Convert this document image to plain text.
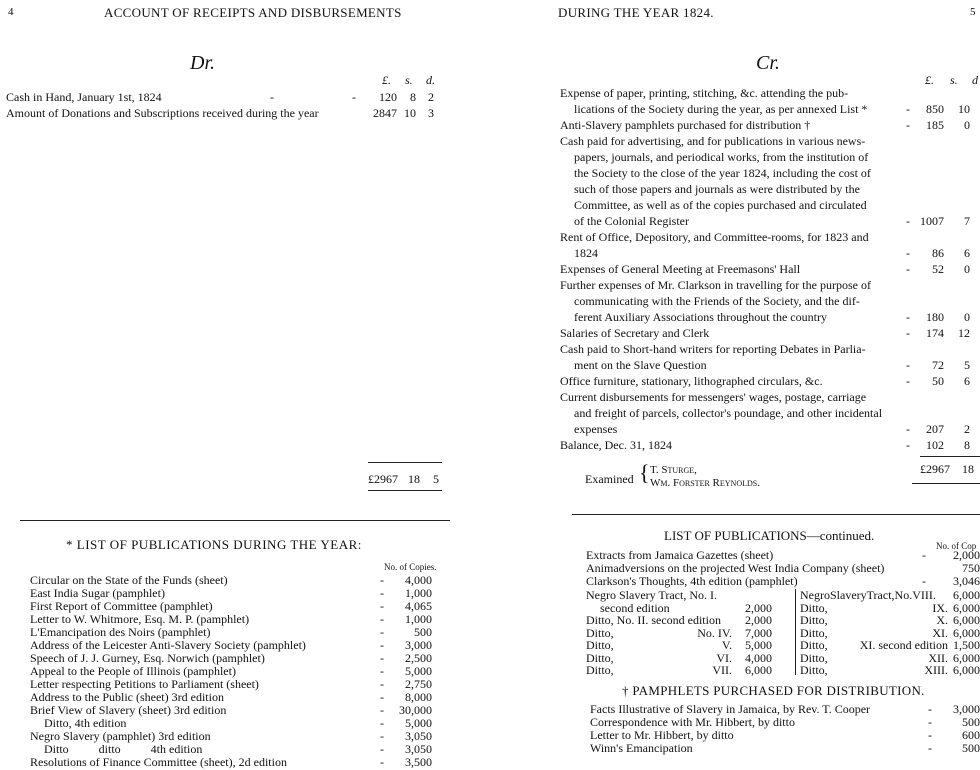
4	ACCOUNT OF RECEIPTS AND DISBURSEMENTS	DURING THE YEAR 1824.	5
Dr.
£. s. d.
Cash in Hand, January 1st, 1824	-	-	120	8	2
Amount of Donations and Subscriptions received during the year	2847 10	3
£2967 18 5
Cr.
£. s. d
Expense of paper, printing, stitching, &c. attending the pub-
lications of the Society during the year, as per annexed List *	-	850	10
Anti-Slavery pamphlets purchased for distribution †	-	185	0
Cash paid for advertising, and for publications in various news-
papers, journals, and periodical works, from the institution of
the Society to the close of the year 1824, including the cost of
such of those papers and journals as were distributed by the
Committee, as well as of the copies purchased and circulated
of the Colonial Register	- 1007	7
Rent of Office, Depository, and Committee-rooms, for 1823 and
1824	-	86	6
Expenses of General Meeting at Freemasons' Hall	-	52	0
Further expenses of Mr. Clarkson in travelling for the purpose of
communicating with the Friends of the Society, and the dif-
ferent Auxiliary Associations throughout the country	-	180	0
Salaries of Secretary and Clerk	-	174	12
Cash paid to Short-hand writers for reporting Debates in Parlia-
ment on the Slave Question	-	72	5
Office furniture, stationary, lithographed circulars, &c.	-	50	6
Current disbursements for messengers' wages, postage, carriage
and freight of parcels, collector's poundage, and other incidental
expenses	-	207	2
Balance, Dec. 31, 1824	-	102	8
Examined { T. Sturge,
Wm. Forster Reynolds.
£2967 18
* LIST OF PUBLICATIONS DURING THE YEAR:
No. of Copies.
Circular on the State of the Funds (sheet)	-	4,000
East India Sugar (pamphlet)	-	1,000
First Report of Committee (pamphlet)	-	4,065
Letter to W. Whitmore, Esq. M. P. (pamphlet)	-	1,000
L'Emancipation des Noirs (pamphlet)	-	500
Address of the Leicester Anti-Slavery Society (pamphlet)	-	3,000
Speech of J. J. Gurney, Esq. Norwich (pamphlet)	-	2,500
Appeal to the People of Illinois (pamphlet)	-	5,000
Letter respecting Petitions to Parliament (sheet)	-	2,750
Address to the Public (sheet) 3rd edition	-	8,000
Brief View of Slavery (sheet) 3rd edition	-	30,000
Ditto, 4th edition	-	5,000
Negro Slavery (pamphlet) 3rd edition	-	3,050
Ditto          ditto          4th edition	-	3,050
Resolutions of Finance Committee (sheet), 2d edition	-	3,500
LIST OF PUBLICATIONS—continued.
No. of Cop
Extracts from Jamaica Gazettes (sheet)	-	2,000
Animadversions on the projected West India Company (sheet)	750
Clarkson's Thoughts, 4th edition (pamphlet)	-	3,046
Negro Slavery Tract, No. I.	NegroSlaveryTract,No.VIII. 6,000
second edition	2,000 Ditto,	IX. 6,000
Ditto, No. II. second edition	2,000 Ditto,	X. 6,000
Ditto,	No. IV.	7,000 Ditto,	XI. 6,000
Ditto,	V.	5,000 Ditto,	XI. second edition 1,500
Ditto,	VI.	4,000 Ditto,	XII. 6,000
Ditto,	VII.	6,000 Ditto,	XIII. 6,000
† PAMPHLETS PURCHASED FOR DISTRIBUTION.
Facts Illustrative of Slavery in Jamaica, by Rev. T. Cooper	-	3,000
Correspondence with Mr. Hibbert, by ditto	-	500
Letter to Mr. Hibbert, by ditto	-	600
Winn's Emancipation	-	500
